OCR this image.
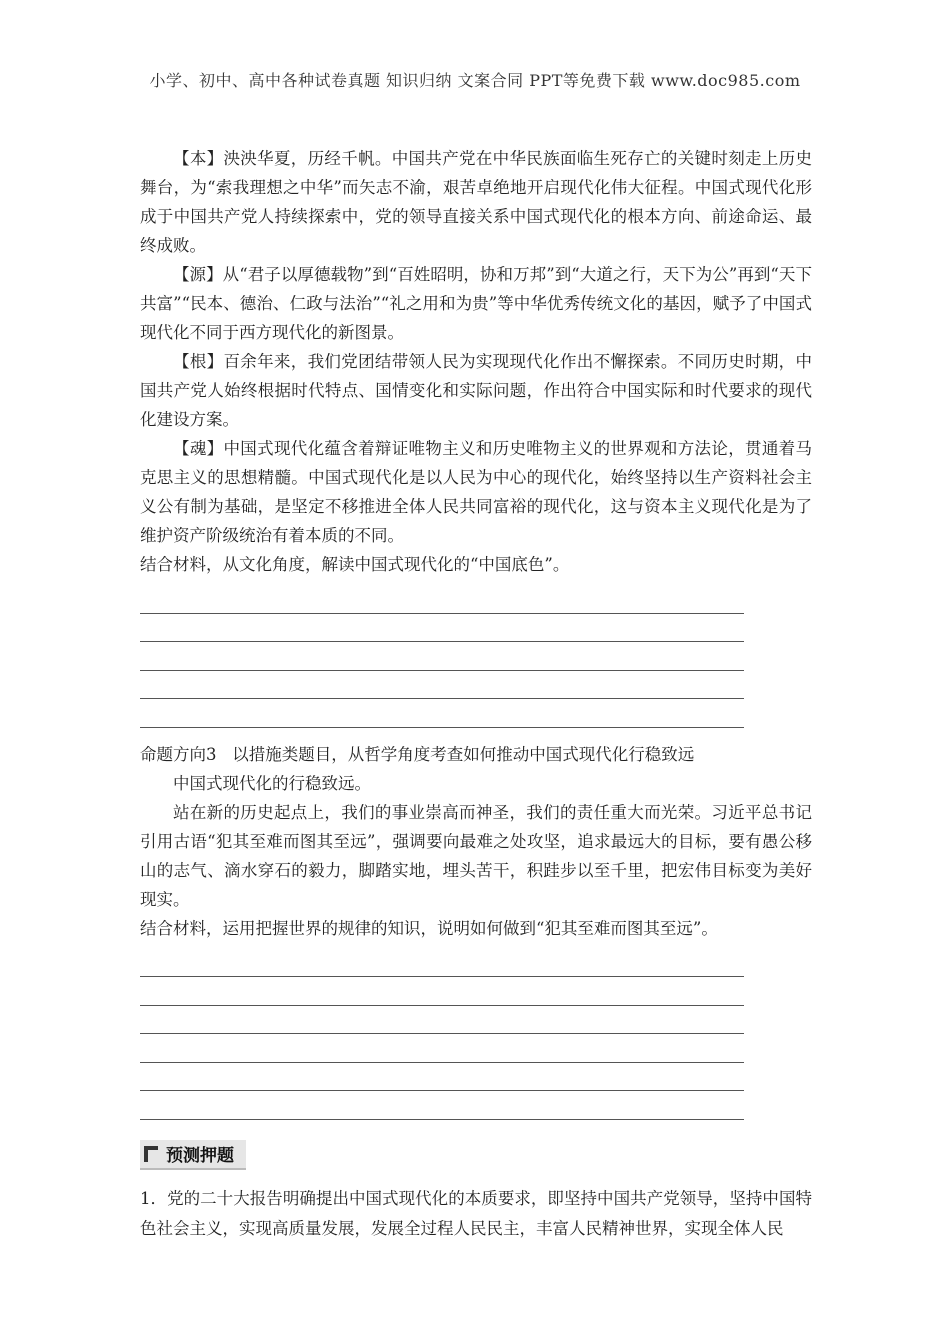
小学、初中、高中各种试卷真题 知识归纳 文案合同 PPT等免费下载 www.doc985.com

【本】泱泱华夏，历经千帆。中国共产党在中华民族面临生死存亡的关键时刻走上历史舞台，为“索我理想之中华”而矢志不渝，艰苦卓绝地开启现代化伟大征程。中国式现代化形成于中国共产党人持续探索中，党的领导直接关系中国式现代化的根本方向、前途命运、最终成败。

【源】从“君子以厚德载物”到“百姓昭明，协和万邦”到“大道之行，天下为公”再到“天下共富”“民本、德治、仁政与法治”“礼之用和为贵”等中华优秀传统文化的基因，赋予了中国式现代化不同于西方现代化的新图景。

【根】百余年来，我们党团结带领人民为实现现代化作出不懈探索。不同历史时期，中国共产党人始终根据时代特点、国情变化和实际问题，作出符合中国实际和时代要求的现代化建设方案。

【魂】中国式现代化蕴含着辩证唯物主义和历史唯物主义的世界观和方法论，贯通着马克思主义的思想精髓。中国式现代化是以人民为中心的现代化，始终坚持以生产资料社会主义公有制为基础，是坚定不移推进全体人民共同富裕的现代化，这与资本主义现代化是为了维护资产阶级统治有着本质的不同。

结合材料，从文化角度，解读中国式现代化的“中国底色”。

命题方向3 以措施类题目，从哲学角度考查如何推动中国式现代化行稳致远

中国式现代化的行稳致远。

站在新的历史起点上，我们的事业崇高而神圣，我们的责任重大而光荣。习近平总书记引用古语“犯其至难而图其至远”，强调要向最难之处攻坚，追求最远大的目标，要有愚公移山的志气、滴水穿石的毅力，脚踏实地，埋头苦干，积跬步以至千里，把宏伟目标变为美好现实。

结合材料，运用把握世界的规律的知识，说明如何做到“犯其至难而图其至远”。

预测押题

1．党的二十大报告明确提出中国式现代化的本质要求，即坚持中国共产党领导，坚持中国特色社会主义，实现高质量发展，发展全过程人民民主，丰富人民精神世界，实现全体人民
